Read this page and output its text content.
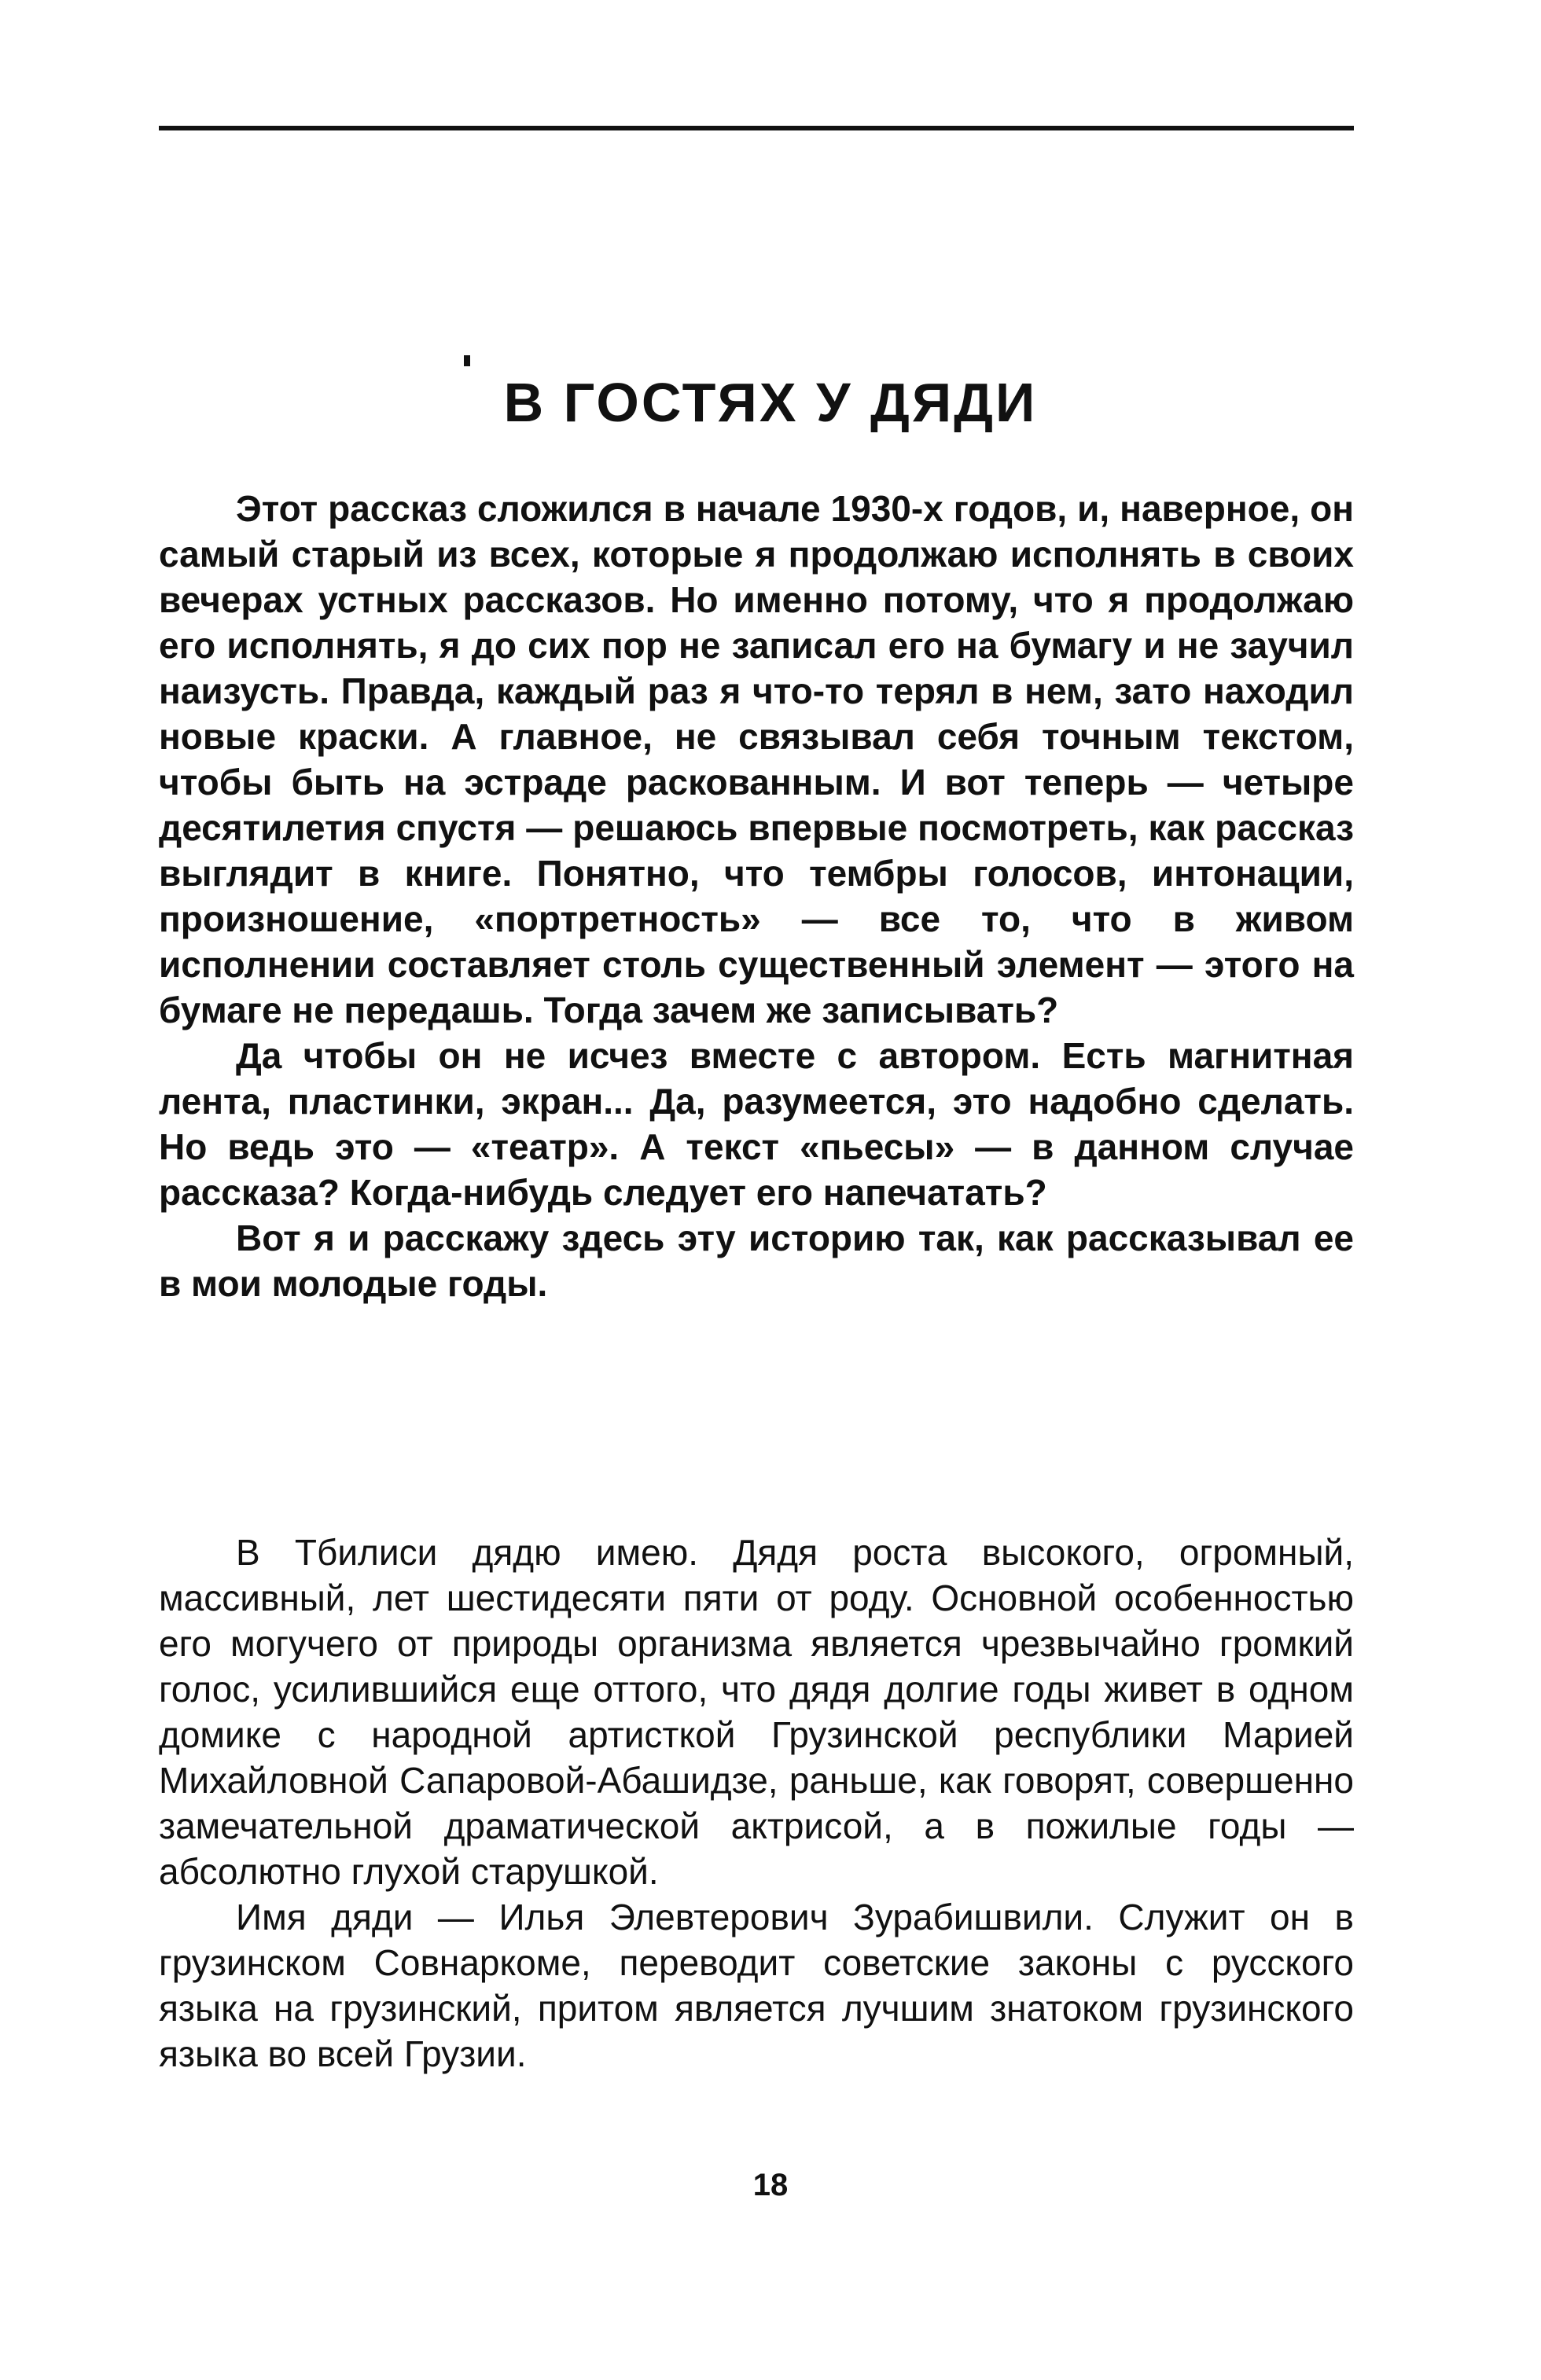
В ГОСТЯХ У ДЯДИ

Этот рассказ сложился в начале 1930-х годов, и, наверное, он самый старый из всех, которые я продолжаю исполнять в своих вечерах устных рассказов. Но именно потому, что я продолжаю его исполнять, я до сих пор не записал его на бумагу и не заучил наизусть. Правда, каждый раз я что-то терял в нем, зато находил новые краски. А главное, не связывал себя точным текстом, чтобы быть на эстраде раскованным. И вот теперь — четыре десятилетия спустя — решаюсь впервые посмотреть, как рассказ выглядит в книге. Понятно, что тембры голосов, интонации, произношение, «портретность» — все то, что в живом исполнении составляет столь существенный элемент — этого на бумаге не передашь. Тогда зачем же записывать?

Да чтобы он не исчез вместе с автором. Есть магнитная лента, пластинки, экран... Да, разумеется, это надобно сделать. Но ведь это — «театр». А текст «пьесы» — в данном случае рассказа? Когда-нибудь следует его напечатать?

Вот я и расскажу здесь эту историю так, как рассказывал ее в мои молодые годы.

В Тбилиси дядю имею. Дядя роста высокого, огромный, массивный, лет шестидесяти пяти от роду. Основной особенностью его могучего от природы организма является чрезвычайно громкий голос, усилившийся еще оттого, что дядя долгие годы живет в одном домике с народной артисткой Грузинской республики Марией Михайловной Сапаровой-Абашидзе, раньше, как говорят, совершенно замечательной драматической актрисой, а в пожилые годы — абсолютно глухой старушкой.

Имя дяди — Илья Элевтерович Зурабишвили. Служит он в грузинском Совнаркоме, переводит советские законы с русского языка на грузинский, притом является лучшим знатоком грузинского языка во всей Грузии.

18
